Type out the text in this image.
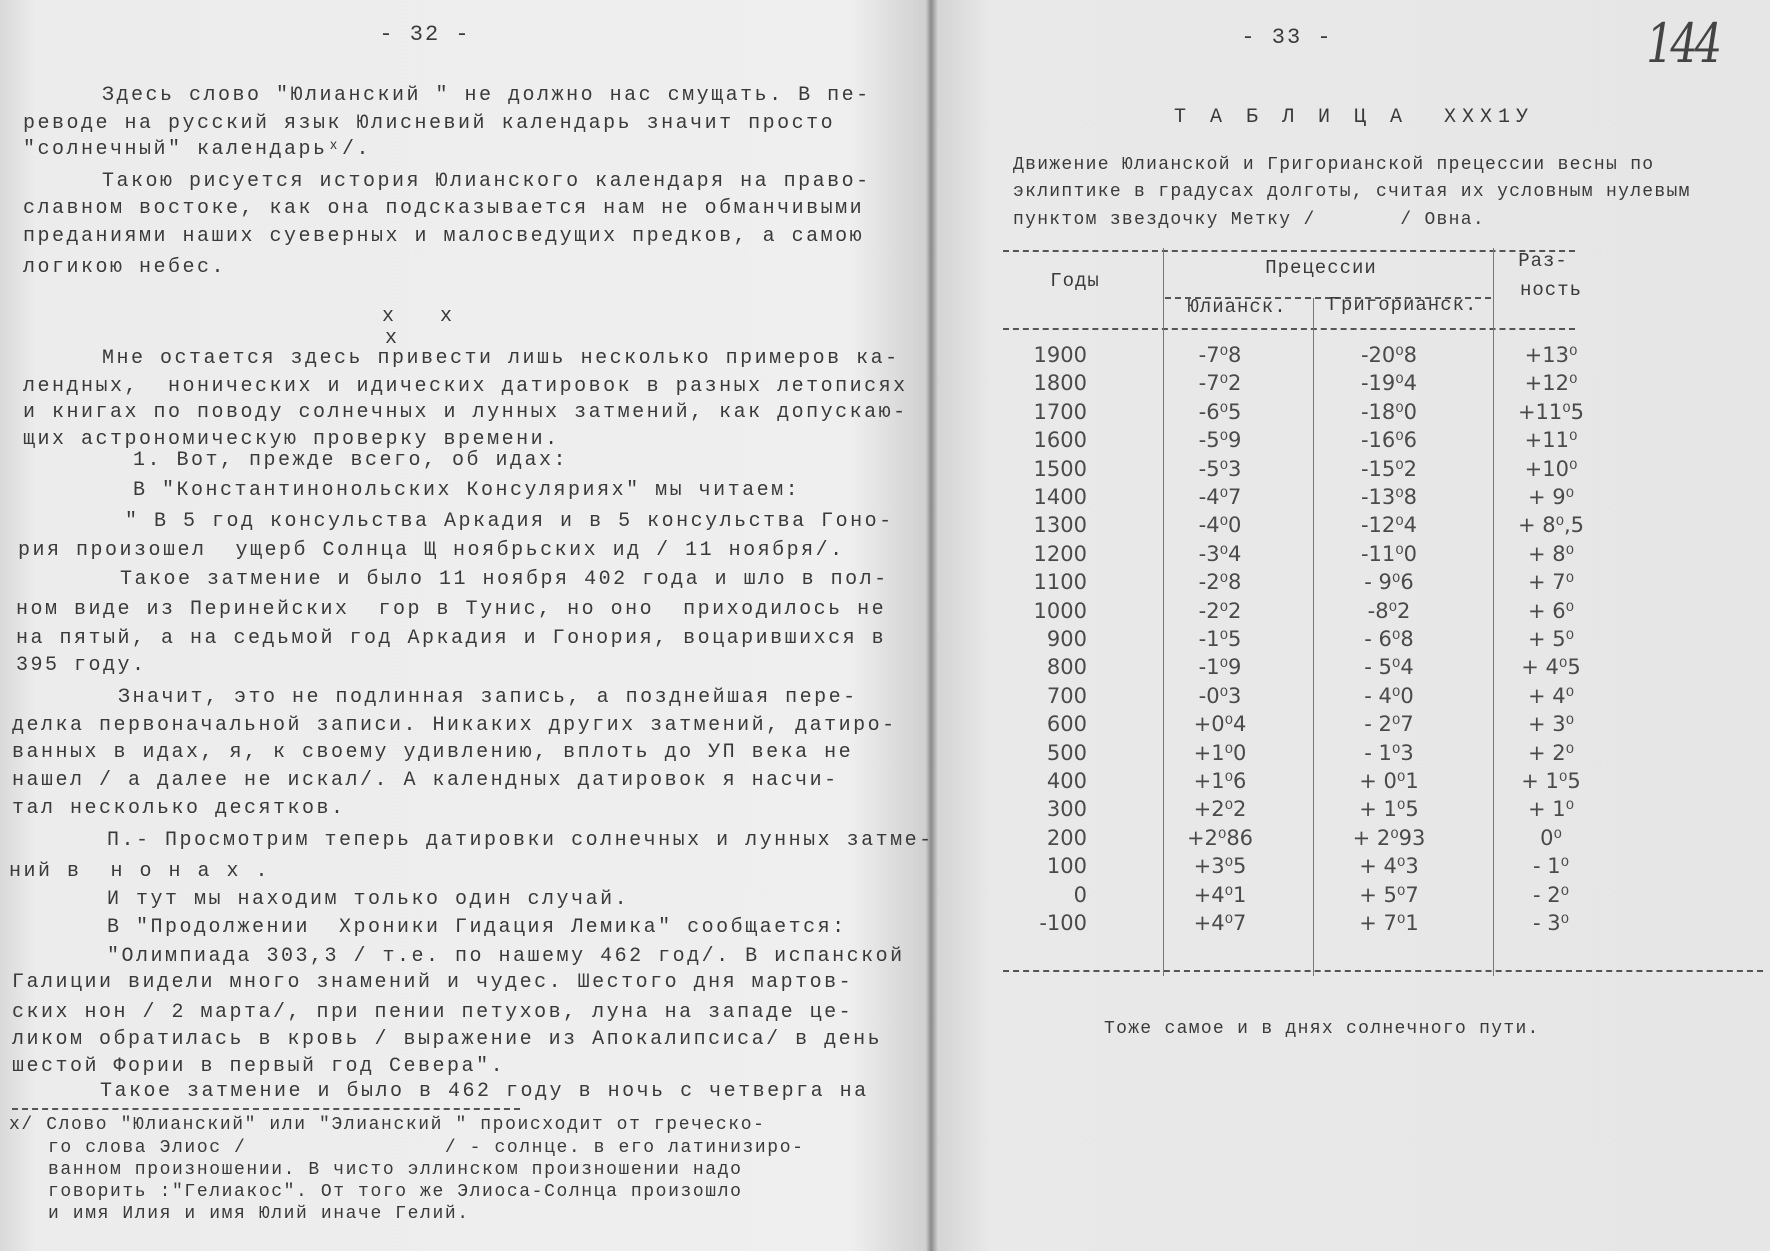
- 32 -
Здесь слово "Юлианский " не должно нас смущать. В пе-
реводе на русский язык Юлисневий календарь значит просто
"солнечный" календарьˣ/.
Такою рисуется история Юлианского календаря на право-
славном востоке, как она подсказывается нам не обманчивыми
преданиями наших суеверных и малосведущих предков, а самою
логикою небес.
х   х
х
Мне остается здесь привести лишь несколько примеров ка-
лендных,  нонических и идических датировок в разных летописях
и книгах по поводу солнечных и лунных затмений, как допускаю-
щих астрономическую проверку времени.
1. Вот, прежде всего, об идах:
В "Константинонольских Консуляриях" мы читаем:
" В 5 год консульства Аркадия и в 5 консульства Гоно-
рия произошел  ущерб Солнца Щ ноябрьских ид / 11 ноября/.
Такое затмение и было 11 ноября 402 года и шло в пол-
ном виде из Перинейских  гор в Тунис, но оно  приходилось не
на пятый, а на седьмой год Аркадия и Гонория, воцарившихся в
395 году.
Значит, это не подлинная запись, а позднейшая пере-
делка первоначальной записи. Никаких других затмений, датиро-
ванных в идах, я, к своему удивлению, вплоть до УП века не
нашел / а далее не искал/. А календных датировок я насчи-
тал несколько десятков.
П.- Просмотрим теперь датировки солнечных и лунных затме-
ний в  н о н а х .
И тут мы находим только один случай.
В "Продолжении  Хроники Гидация Лемика" сообщается:
"Олимпиада 303,3 / т.е. по нашему 462 год/. В испанской
Галиции видели много знамений и чудес. Шестого дня мартов-
ских нон / 2 марта/, при пении петухов, луна на западе це-
ликом обратилась в кровь / выражение из Апокалипсиса/ в день
шестой Фории в первый год Севера".
Такое затмение и было в 462 году в ночь с четверга на
х/ Слово "Юлианский" или "Элианский " происходит от греческо-
го слова Элиос /                / - солнце. в его латинизиро-
ванном произношении. В чисто эллинском произношении надо
говорить :"Гелиакос". От того же Элиоса-Солнца произошло
и имя Илия и имя Юлий иначе Гелий.
- 33 -	144
Т А Б Л И Ц А  XXX1У
Движение Юлианской и Григорианской прецессии весны по
эклиптике в градусах долготы, считая их условным нулевым
пунктом звездочку Метку /       / Овна.
Годы
Прецессии
Юлианск. Григорианск.
Раз-
ность
1900	-7⁰8	-20⁰8	+13⁰
1800	-7⁰2	-19⁰4	+12⁰
1700	-6⁰5	-18⁰0	+11⁰5
1600	-5⁰9	-16⁰6	+11⁰
1500	-5⁰3	-15⁰2	+10⁰
1400	-4⁰7	-13⁰8	+ 9⁰
1300	-4⁰0	-12⁰4	+ 8⁰,5
1200	-3⁰4	-11⁰0	+ 8⁰
1100	-2⁰8	- 9⁰6	+ 7⁰
1000	-2⁰2	-8⁰2	+ 6⁰
900	-1⁰5	- 6⁰8	+ 5⁰
800	-1⁰9	- 5⁰4	+ 4⁰5
700	-0⁰3	- 4⁰0	+ 4⁰
600	+0⁰4	- 2⁰7	+ 3⁰
500	+1⁰0	- 1⁰3	+ 2⁰
400	+1⁰6	+ 0⁰1	+ 1⁰5
300	+2⁰2	+ 1⁰5	+ 1⁰
200	+2⁰86	+ 2⁰93	0⁰
100	+3⁰5	+ 4⁰3	- 1⁰
0	+4⁰1	+ 5⁰7	- 2⁰
-100	+4⁰7	+ 7⁰1	- 3⁰
Тоже самое и в днях солнечного пути.
